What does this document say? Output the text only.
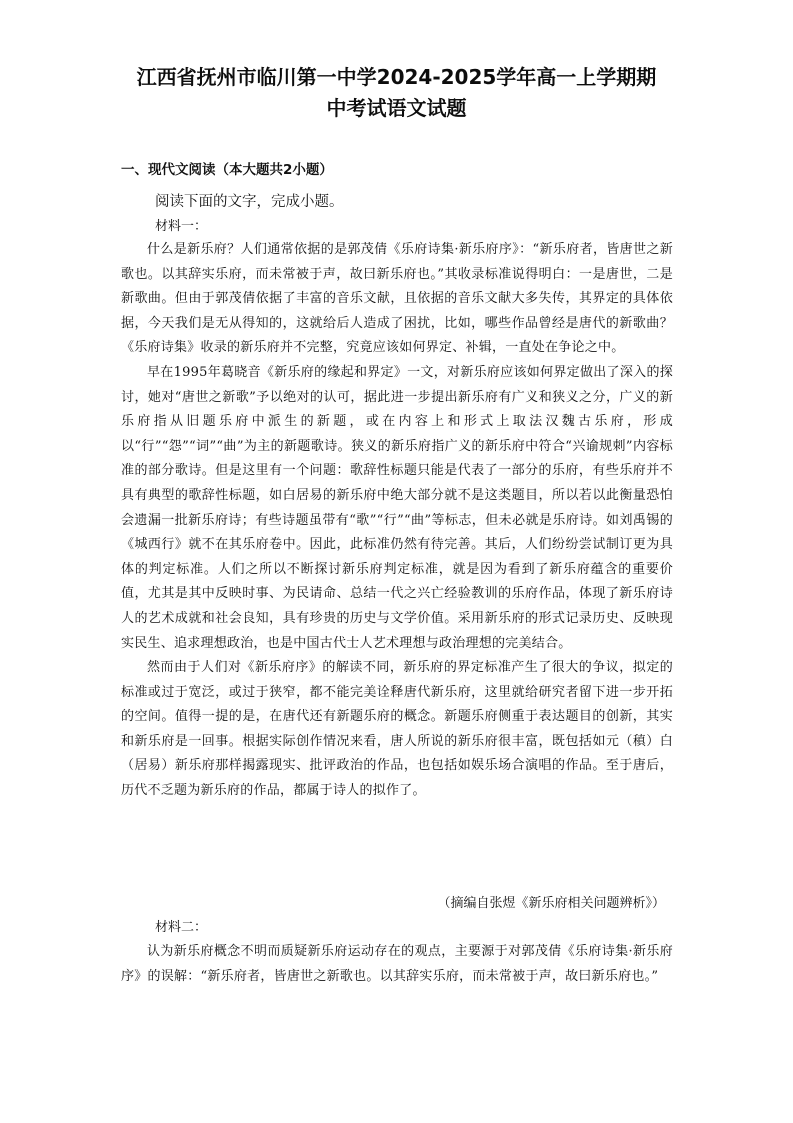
江西省抚州市临川第一中学2024-2025学年高一上学期期
中考试语文试题
一、现代文阅读（本大题共2小题）
阅读下面的文字，完成小题。
材料一：

什么是新乐府？人们通常依据的是郭茂倩《乐府诗集·新乐府序》：“新乐府者，皆唐世之新歌也。以其辞实乐府，而未常被于声，故曰新乐府也。”其收录标准说得明白：一是唐世，二是新歌曲。但由于郭茂倩依据了丰富的音乐文献，且依据的音乐文献大多失传，其界定的具体依据，今天我们是无从得知的，这就给后人造成了困扰，比如，哪些作品曾经是唐代的新歌曲？《乐府诗集》收录的新乐府并不完整，究竟应该如何界定、补辑，一直处在争论之中。

早在1995年葛晓音《新乐府的缘起和界定》一文，对新乐府应该如何界定做出了深入的探讨，她对“唐世之新歌”予以绝对的认可，据此进一步提出新乐府有广义和狭义之分，广义的新乐府指从旧题乐府中派生的新题，或在内容上和形式上取法汉魏古乐府，形成以“行”“怨”“词”“曲”为主的新题歌诗。狭义的新乐府指广义的新乐府中符合“兴谕规刺”内容标准的部分歌诗。但是这里有一个问题：歌辞性标题只能是代表了一部分的乐府，有些乐府并不具有典型的歌辞性标题，如白居易的新乐府中绝大部分就不是这类题目，所以若以此衡量恐怕会遗漏一批新乐府诗；有些诗题虽带有“歌”“行”“曲”等标志，但未必就是乐府诗。如刘禹锡的《城西行》就不在其乐府卷中。因此，此标准仍然有待完善。其后，人们纷纷尝试制订更为具体的判定标准。人们之所以不断探讨新乐府判定标准，就是因为看到了新乐府蕴含的重要价值，尤其是其中反映时事、为民请命、总结一代之兴亡经验教训的乐府作品，体现了新乐府诗人的艺术成就和社会良知，具有珍贵的历史与文学价值。采用新乐府的形式记录历史、反映现实民生、追求理想政治，也是中国古代士人艺术理想与政治理想的完美结合。

然而由于人们对《新乐府序》的解读不同，新乐府的界定标准产生了很大的争议，拟定的标准或过于宽泛，或过于狭窄，都不能完美诠释唐代新乐府，这里就给研究者留下进一步开拓的空间。值得一提的是，在唐代还有新题乐府的概念。新题乐府侧重于表达题目的创新，其实和新乐府是一回事。根据实际创作情况来看，唐人所说的新乐府很丰富，既包括如元（稹）白（居易）新乐府那样揭露现实、批评政治的作品，也包括如娱乐场合演唱的作品。至于唐后，历代不乏题为新乐府的作品，都属于诗人的拟作了。

（摘编自张煜《新乐府相关问题辨析》）
材料二：

认为新乐府概念不明而质疑新乐府运动存在的观点，主要源于对郭茂倩《乐府诗集·新乐府序》的误解：“新乐府者，皆唐世之新歌也。以其辞实乐府，而未常被于声，故曰新乐府也。”
